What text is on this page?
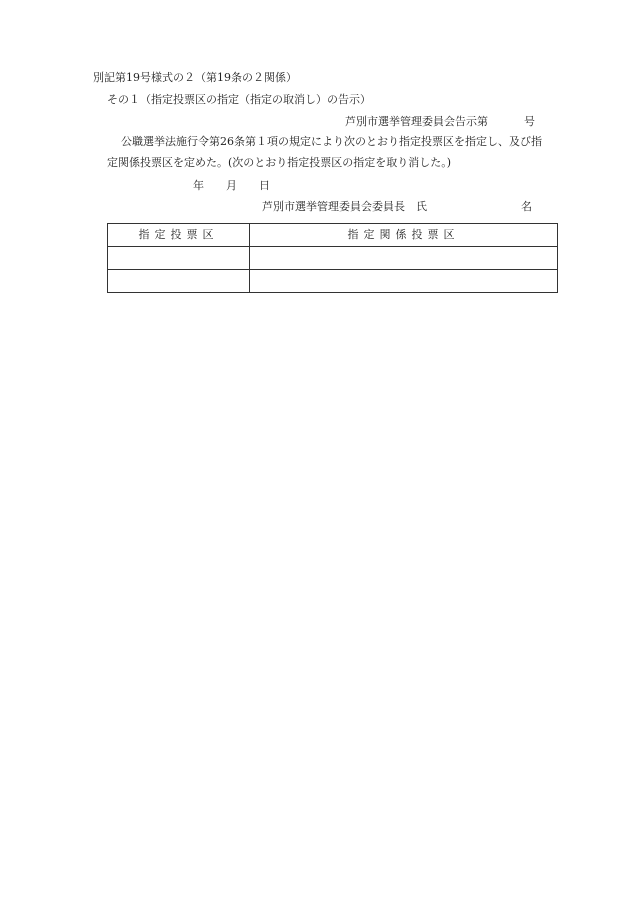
別記第19号様式の２（第19条の２関係）
その１（指定投票区の指定（指定の取消し）の告示）
芦別市選挙管理委員会告示第	号
公職選挙法施行令第26条第１項の規定により次のとおり指定投票区を指定し、及び指
定関係投票区を定めた。(次のとおり指定投票区の指定を取り消した。)
年 月 日
芦別市選挙管理委員会委員長　氏	名
指定投票区	指定関係投票区
